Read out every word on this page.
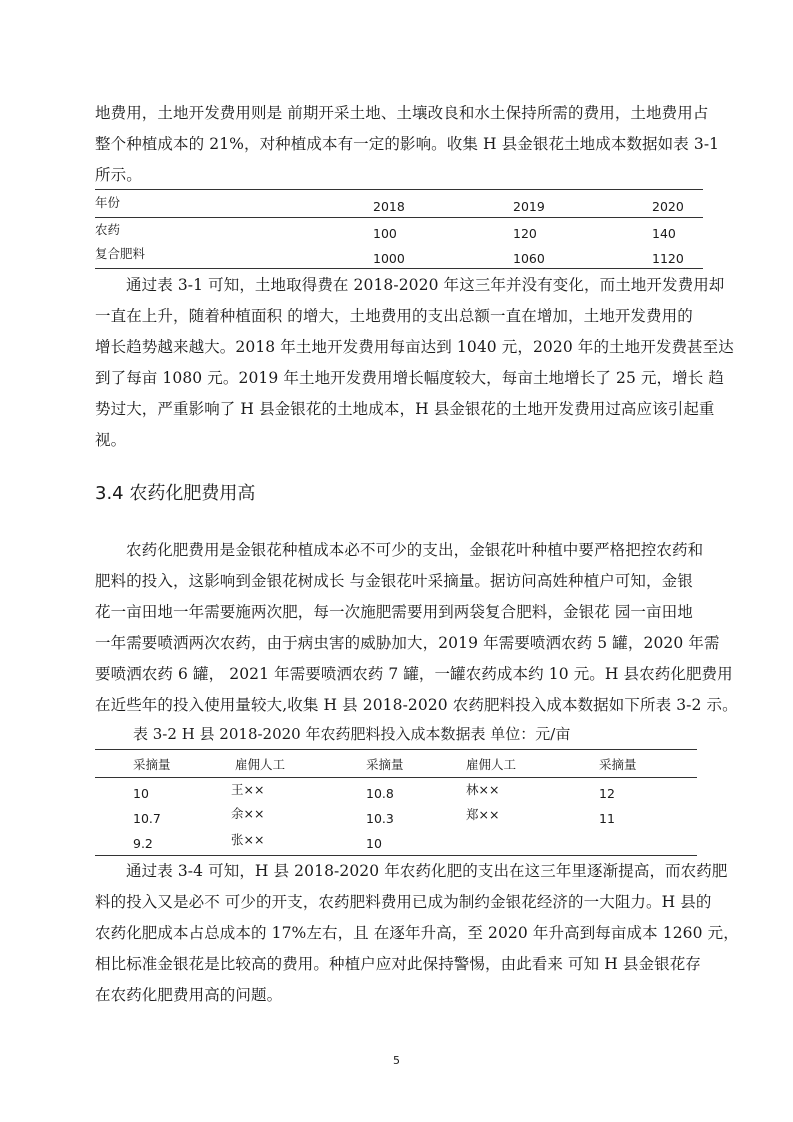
地费用，土地开发费用则是 前期开采土地、土壤改良和水土保持所需的费用，土地费用占
整个种植成本的 21%，对种植成本有一定的影响。收集 H 县金银花土地成本数据如表 3-1
所示。

年份	2018	2019	2020
农药	100	120	140
复合肥料	1000	1060	1120

通过表 3-1 可知，土地取得费在 2018-2020 年这三年并没有变化，而土地开发费用却
一直在上升，随着种植面积 的增大，土地费用的支出总额一直在增加，土地开发费用的
增长趋势越来越大。2018 年土地开发费用每亩达到 1040 元，2020 年的土地开发费甚至达
到了每亩 1080 元。2019 年土地开发费用增长幅度较大，每亩土地增长了 25 元，增长 趋
势过大，严重影响了 H 县金银花的土地成本，H 县金银花的土地开发费用过高应该引起重
视。

3.4 农药化肥费用高

农药化肥费用是金银花种植成本必不可少的支出，金银花叶种植中要严格把控农药和
肥料的投入，这影响到金银花树成长 与金银花叶采摘量。据访问高姓种植户可知，金银
花一亩田地一年需要施两次肥，每一次施肥需要用到两袋复合肥料，金银花 园一亩田地
一年需要喷洒两次农药，由于病虫害的威胁加大，2019 年需要喷洒农药 5 罐，2020 年需
要喷洒农药 6 罐， 2021 年需要喷洒农药 7 罐，一罐农药成本约 10 元。H 县农药化肥费用
在近些年的投入使用量较大,收集 H 县 2018-2020 农药肥料投入成本数据如下所表 3-2 示。

表 3-2 H 县 2018-2020 年农药肥料投入成本数据表 单位：元/亩
采摘量	雇佣人工	采摘量	雇佣人工	采摘量
10	王××	10.8	林××	12
10.7	余××	10.3	郑××	11
9.2	张××	10

通过表 3-4 可知，H 县 2018-2020 年农药化肥的支出在这三年里逐渐提高，而农药肥
料的投入又是必不 可少的开支，农药肥料费用已成为制约金银花经济的一大阻力。H 县的
农药化肥成本占总成本的 17%左右，且 在逐年升高，至 2020 年升高到每亩成本 1260 元，
相比标准金银花是比较高的费用。种植户应对此保持警惕，由此看来 可知 H 县金银花存
在农药化肥费用高的问题。

5
